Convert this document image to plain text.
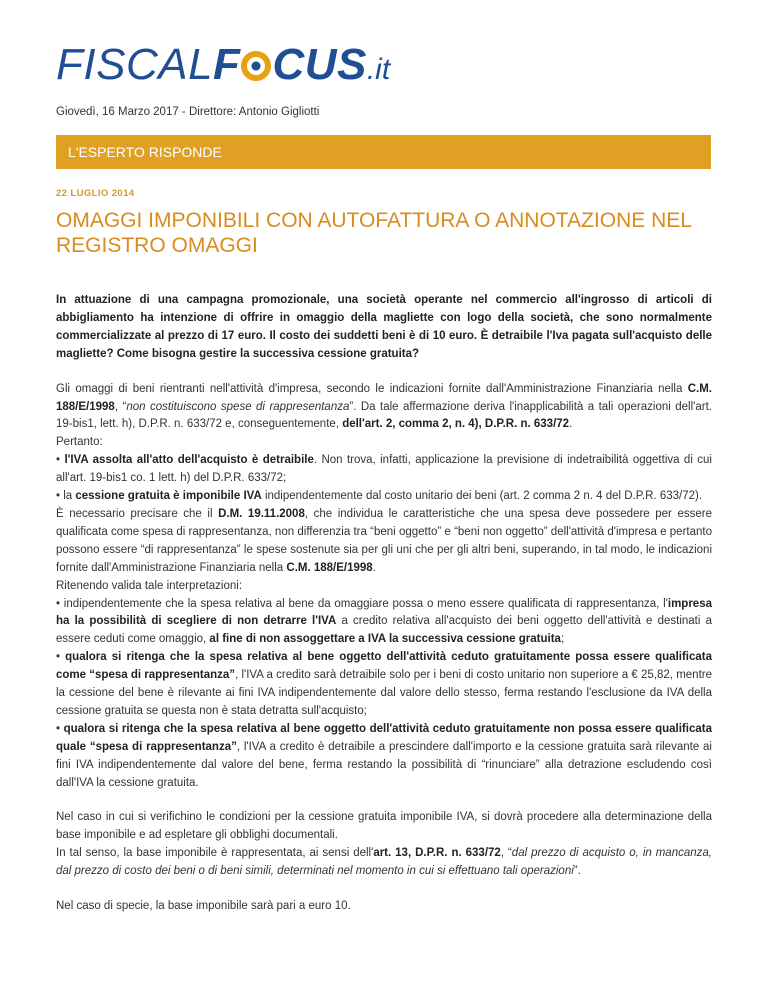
FISCAL F CUS .it
Giovedì, 16 Marzo 2017 - Direttore: Antonio Gigliotti
L'ESPERTO RISPONDE
22 LUGLIO 2014
OMAGGI IMPONIBILI CON AUTOFATTURA O ANNOTAZIONE NEL REGISTRO OMAGGI

In attuazione di una campagna promozionale, una società operante nel commercio all'ingrosso di articoli di abbigliamento ha intenzione di offrire in omaggio della magliette con logo della società, che sono normalmente commercializzate al prezzo di 17 euro. Il costo dei suddetti beni è di 10 euro. È detraibile l'Iva pagata sull'acquisto delle magliette? Come bisogna gestire la successiva cessione gratuita?

Gli omaggi di beni rientranti nell'attività d'impresa, secondo le indicazioni fornite dall'Amministrazione Finanziaria nella C.M. 188/E/1998, “non costituiscono spese di rappresentanza”. Da tale affermazione deriva l'inapplicabilità a tali operazioni dell'art. 19-bis1, lett. h), D.P.R. n. 633/72 e, conseguentemente, dell'art. 2, comma 2, n. 4), D.P.R. n. 633/72.

Pertanto:

• l'IVA assolta all'atto dell'acquisto è detraibile. Non trova, infatti, applicazione la previsione di indetraibilità oggettiva di cui all'art. 19-bis1 co. 1 lett. h) del D.P.R. 633/72;

• la cessione gratuita è imponibile IVA indipendentemente dal costo unitario dei beni (art. 2 comma 2 n. 4 del D.P.R. 633/72).

È necessario precisare che il D.M. 19.11.2008, che individua le caratteristiche che una spesa deve possedere per essere qualificata come spesa di rappresentanza, non differenzia tra “beni oggetto” e “beni non oggetto” dell'attività d'impresa e pertanto possono essere “di rappresentanza” le spese sostenute sia per gli uni che per gli altri beni, superando, in tal modo, le indicazioni fornite dall'Amministrazione Finanziaria nella C.M. 188/E/1998.

Ritenendo valida tale interpretazioni:

• indipendentemente che la spesa relativa al bene da omaggiare possa o meno essere qualificata di rappresentanza, l'impresa ha la possibilità di scegliere di non detrarre l'IVA a credito relativa all'acquisto dei beni oggetto dell'attività e destinati a essere ceduti come omaggio, al fine di non assoggettare a IVA la successiva cessione gratuita;

• qualora si ritenga che la spesa relativa al bene oggetto dell'attività ceduto gratuitamente possa essere qualificata come “spesa di rappresentanza”, l'IVA a credito sarà detraibile solo per i beni di costo unitario non superiore a € 25,82, mentre la cessione del bene è rilevante ai fini IVA indipendentemente dal valore dello stesso, ferma restando l'esclusione da IVA della cessione gratuita se questa non è stata detratta sull'acquisto;

• qualora si ritenga che la spesa relativa al bene oggetto dell'attività ceduto gratuitamente non possa essere qualificata quale “spesa di rappresentanza”, l'IVA a credito è detraibile a prescindere dall'importo e la cessione gratuita sarà rilevante ai fini IVA indipendentemente dal valore del bene, ferma restando la possibilità di “rinunciare” alla detrazione escludendo così dall'IVA la cessione gratuita.

Nel caso in cui si verifichino le condizioni per la cessione gratuita imponibile IVA, si dovrà procedere alla determinazione della base imponibile e ad espletare gli obblighi documentali.

In tal senso, la base imponibile è rappresentata, ai sensi dell'art. 13, D.P.R. n. 633/72, “dal prezzo di acquisto o, in mancanza, dal prezzo di costo dei beni o di beni simili, determinati nel momento in cui si effettuano tali operazioni”.

Nel caso di specie, la base imponibile sarà pari a euro 10.
